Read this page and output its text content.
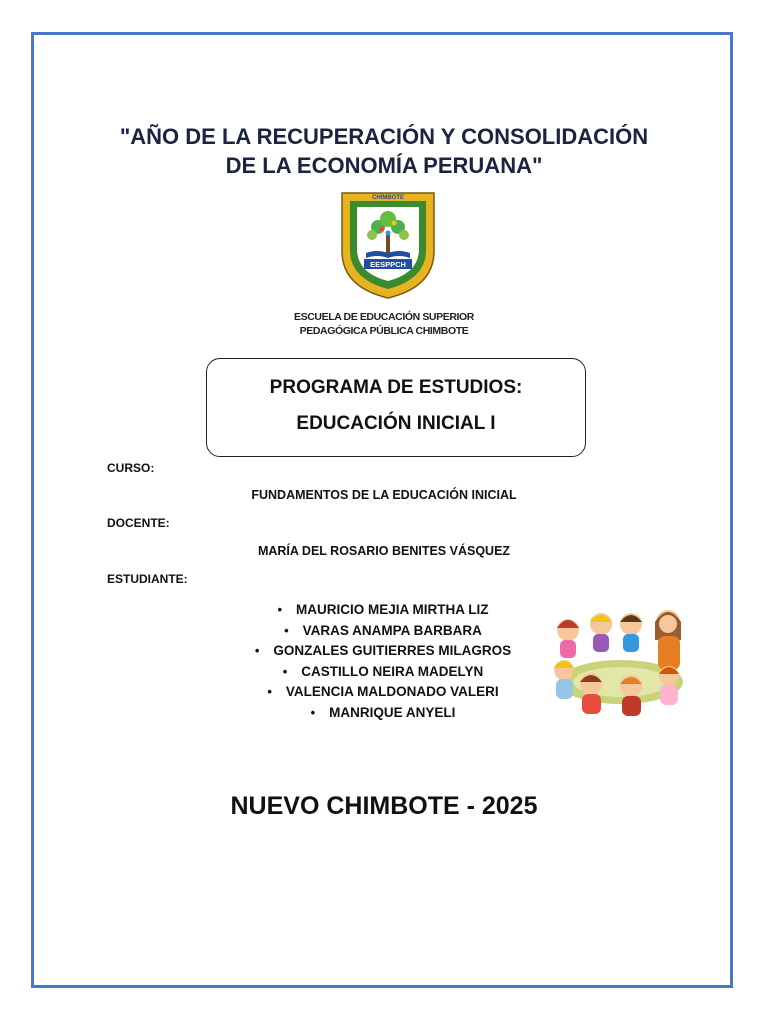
"AÑO DE LA RECUPERACIÓN Y CONSOLIDACIÓN
DE LA ECONOMÍA PERUANA"
CHIMBOTE
EESPPCH
ESCUELA DE EDUCACIÓN SUPERIOR
PEDAGÓGICA PÚBLICA CHIMBOTE
PROGRAMA DE ESTUDIOS:
EDUCACIÓN INICIAL I
CURSO:
FUNDAMENTOS DE LA EDUCACIÓN INICIAL
DOCENTE:
MARÍA DEL ROSARIO BENITES VÁSQUEZ
ESTUDIANTE:
• MAURICIO MEJIA MIRTHA LIZ
• VARAS ANAMPA BARBARA
• GONZALES GUITIERRES MILAGROS
• CASTILLO NEIRA MADELYN
• VALENCIA MALDONADO VALERI
• MANRIQUE ANYELI
NUEVO CHIMBOTE - 2025
